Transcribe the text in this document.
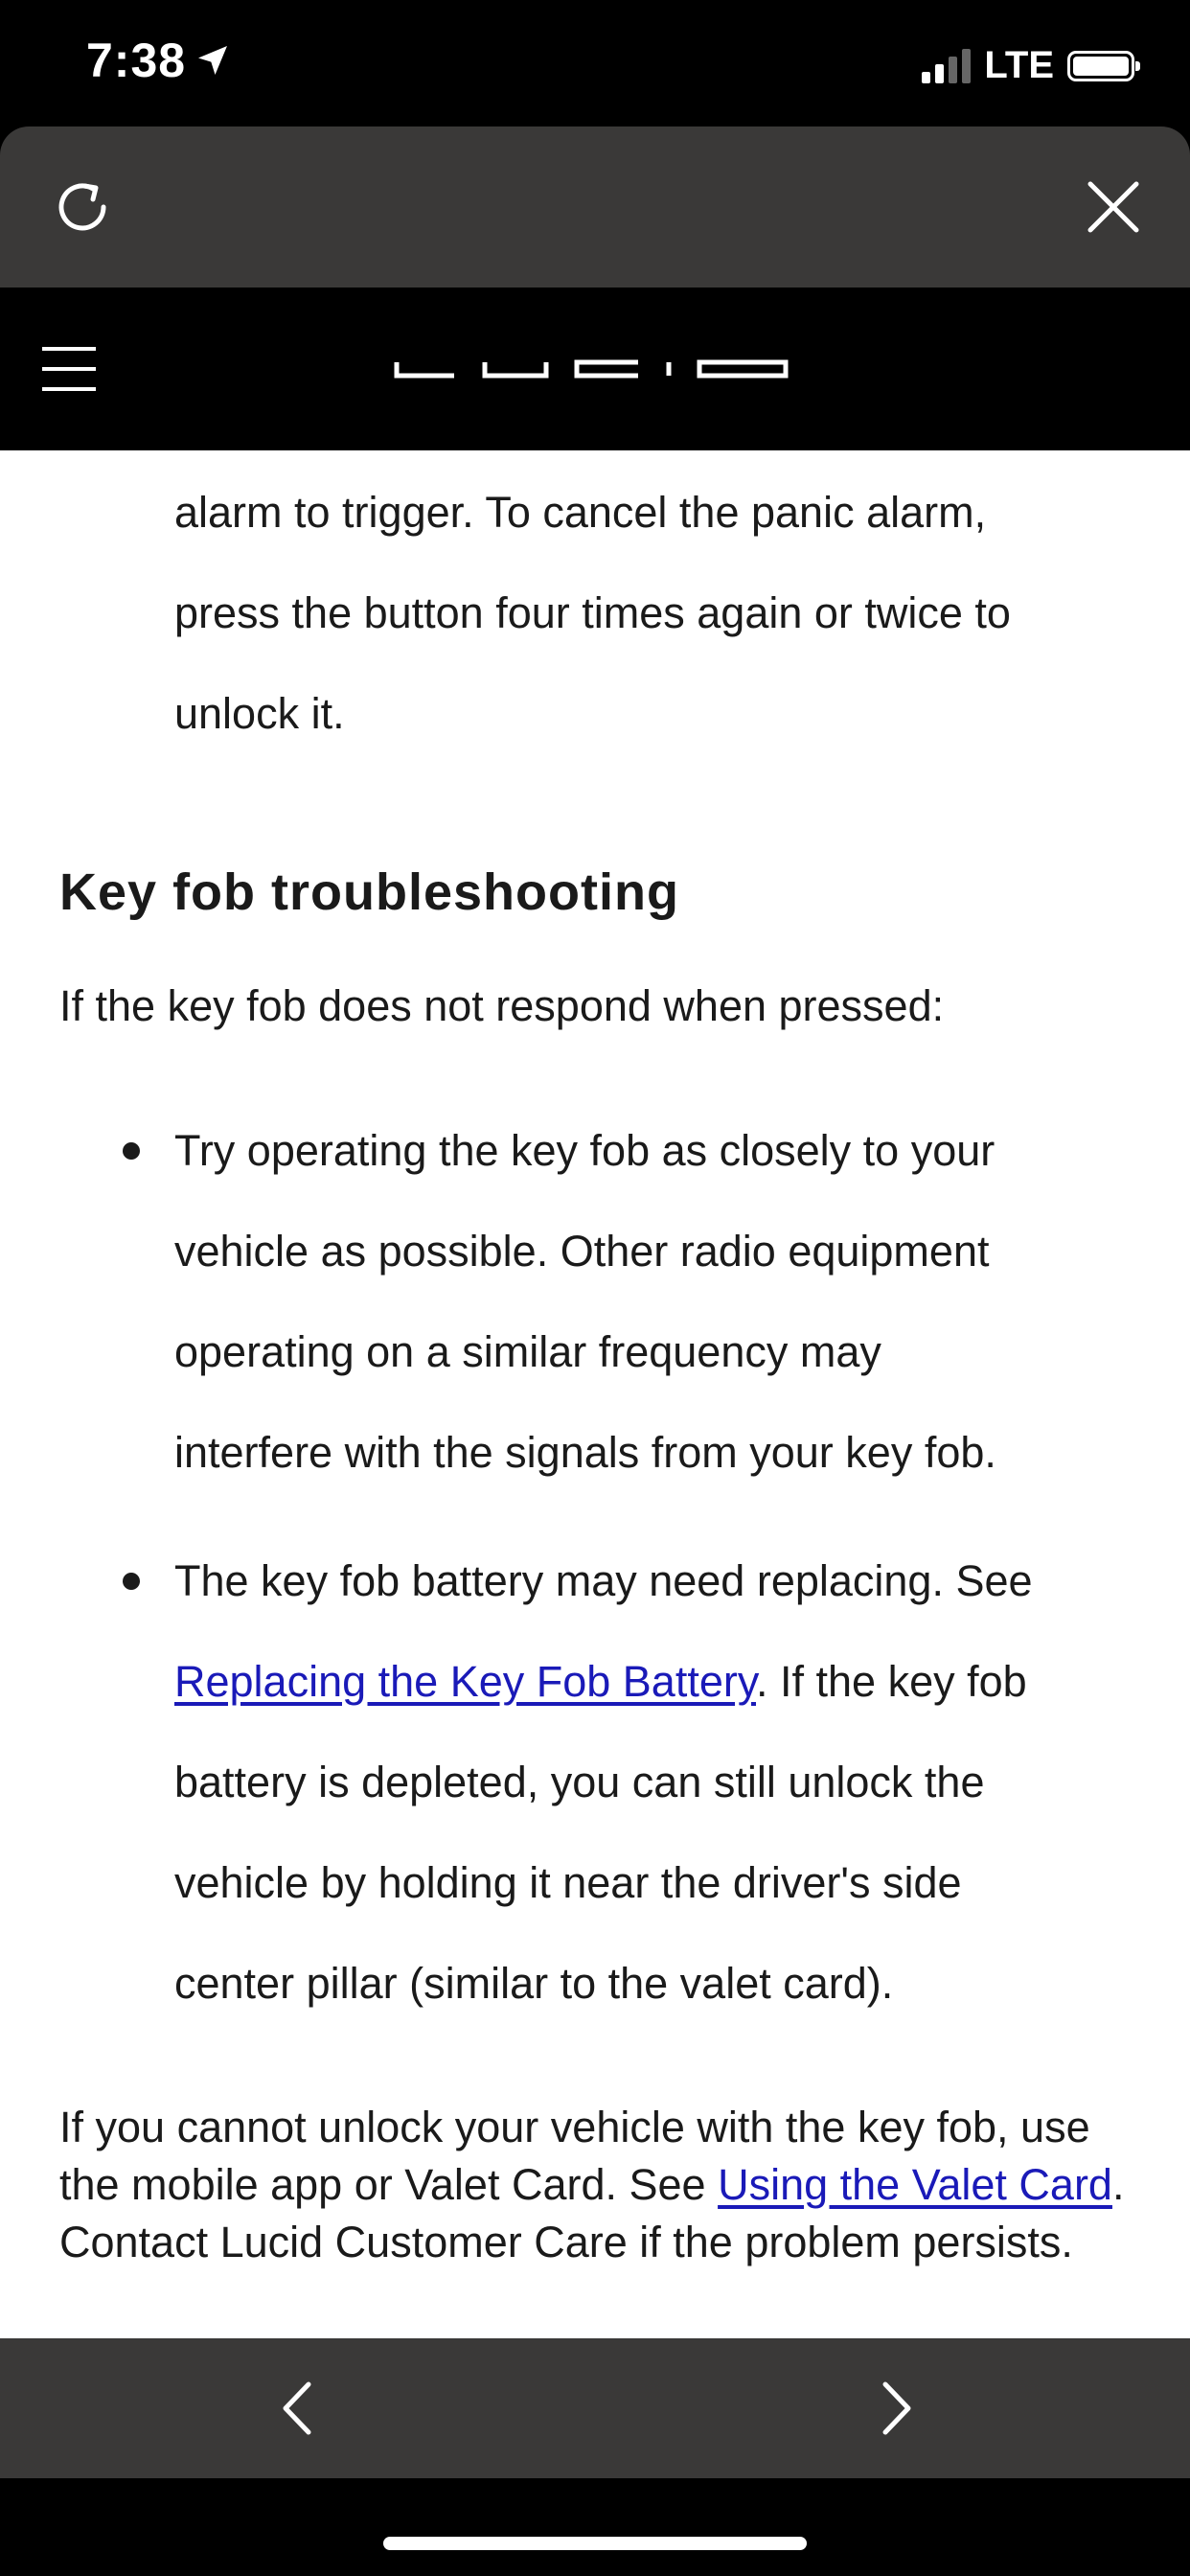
7:38	LTE

alarm to trigger. To cancel the panic alarm,
press the button four times again or twice to
unlock it.

Key fob troubleshooting

If the key fob does not respond when pressed:

Try operating the key fob as closely to your
vehicle as possible. Other radio equipment
operating on a similar frequency may
interfere with the signals from your key fob.
The key fob battery may need replacing. See
Replacing the Key Fob Battery. If the key fob
battery is depleted, you can still unlock the
vehicle by holding it near the driver's side
center pillar (similar to the valet card).

If you cannot unlock your vehicle with the key fob, use the mobile app or Valet Card. See Using the Valet Card. Contact Lucid Customer Care if the problem persists.
